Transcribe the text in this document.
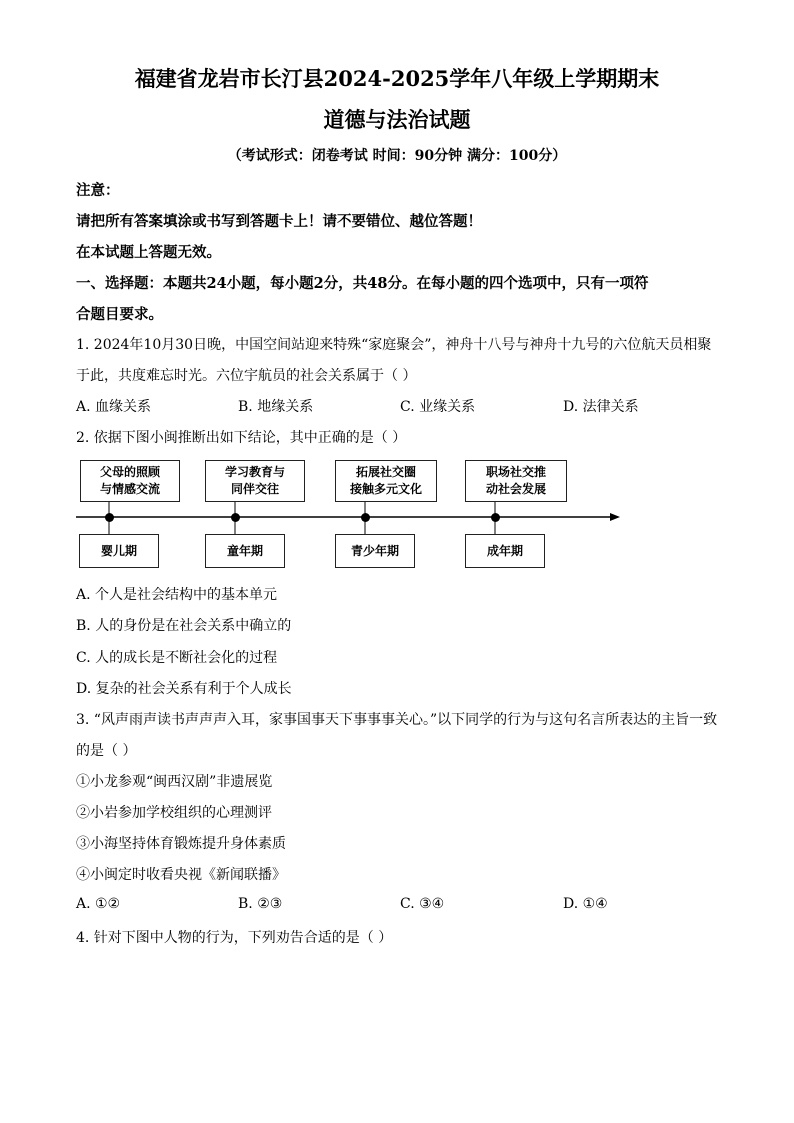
福建省龙岩市长汀县2024-2025学年八年级上学期期末
道德与法治试题
（考试形式：闭卷考试 时间：90分钟 满分：100分）
注意：
请把所有答案填涂或书写到答题卡上！请不要错位、越位答题！
在本试题上答题无效。
一、选择题：本题共24小题，每小题2分，共48分。在每小题的四个选项中，只有一项符
合题目要求。
1. 2024年10月30日晚，中国空间站迎来特殊“家庭聚会”，神舟十八号与神舟十九号的六位航天员相聚
于此，共度难忘时光。六位宇航员的社会关系属于（ ）
A. 血缘关系	B. 地缘关系	C. 业缘关系	D. 法律关系
2. 依据下图小闽推断出如下结论，其中正确的是（ ）
父母的照顾
与情感交流
学习教育与
同伴交往
拓展社交圈
接触多元文化
职场社交推
动社会发展
婴儿期	童年期	青少年期	成年期
A. 个人是社会结构中的基本单元
B. 人的身份是在社会关系中确立的
C. 人的成长是不断社会化的过程
D. 复杂的社会关系有利于个人成长
3. “风声雨声读书声声声入耳，家事国事天下事事事关心。”以下同学的行为与这句名言所表达的主旨一致
的是（ ）
①小龙参观“闽西汉剧”非遗展览
②小岩参加学校组织的心理测评
③小海坚持体育锻炼提升身体素质
④小闽定时收看央视《新闻联播》
A. ①②	B. ②③	C. ③④	D. ①④
4. 针对下图中人物的行为，下列劝告合适的是（ ）
